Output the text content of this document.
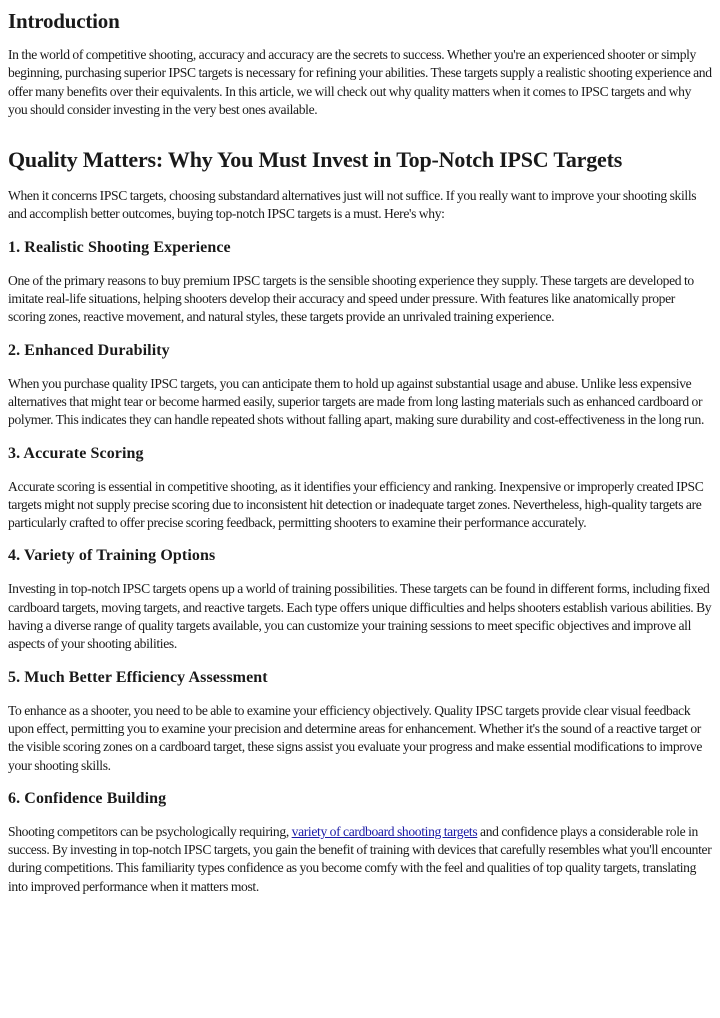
Introduction

In the world of competitive shooting, accuracy and accuracy are the secrets to success. Whether you're an experienced shooter or simply beginning, purchasing superior IPSC targets is necessary for refining your abilities. These targets supply a realistic shooting experience and offer many benefits over their equivalents. In this article, we will check out why quality matters when it comes to IPSC targets and why you should consider investing in the very best ones available.

Quality Matters: Why You Must Invest in Top-Notch IPSC Targets

When it concerns IPSC targets, choosing substandard alternatives just will not suffice. If you really want to improve your shooting skills and accomplish better outcomes, buying top-notch IPSC targets is a must. Here's why:

1. Realistic Shooting Experience

One of the primary reasons to buy premium IPSC targets is the sensible shooting experience they supply. These targets are developed to imitate real-life situations, helping shooters develop their accuracy and speed under pressure. With features like anatomically proper scoring zones, reactive movement, and natural styles, these targets provide an unrivaled training experience.

2. Enhanced Durability

When you purchase quality IPSC targets, you can anticipate them to hold up against substantial usage and abuse. Unlike less expensive alternatives that might tear or become harmed easily, superior targets are made from long lasting materials such as enhanced cardboard or polymer. This indicates they can handle repeated shots without falling apart, making sure durability and cost-effectiveness in the long run.

3. Accurate Scoring

Accurate scoring is essential in competitive shooting, as it identifies your efficiency and ranking. Inexpensive or improperly created IPSC targets might not supply precise scoring due to inconsistent hit detection or inadequate target zones. Nevertheless, high-quality targets are particularly crafted to offer precise scoring feedback, permitting shooters to examine their performance accurately.

4. Variety of Training Options

Investing in top-notch IPSC targets opens up a world of training possibilities. These targets can be found in different forms, including fixed cardboard targets, moving targets, and reactive targets. Each type offers unique difficulties and helps shooters establish various abilities. By having a diverse range of quality targets available, you can customize your training sessions to meet specific objectives and improve all aspects of your shooting abilities.

5. Much Better Efficiency Assessment

To enhance as a shooter, you need to be able to examine your efficiency objectively. Quality IPSC targets provide clear visual feedback upon effect, permitting you to examine your precision and determine areas for enhancement. Whether it's the sound of a reactive target or the visible scoring zones on a cardboard target, these signs assist you evaluate your progress and make essential modifications to improve your shooting skills.

6. Confidence Building

Shooting competitors can be psychologically requiring, variety of cardboard shooting targets and confidence plays a considerable role in success. By investing in top-notch IPSC targets, you gain the benefit of training with devices that carefully resembles what you'll encounter during competitions. This familiarity types confidence as you become comfy with the feel and qualities of top quality targets, translating into improved performance when it matters most.
